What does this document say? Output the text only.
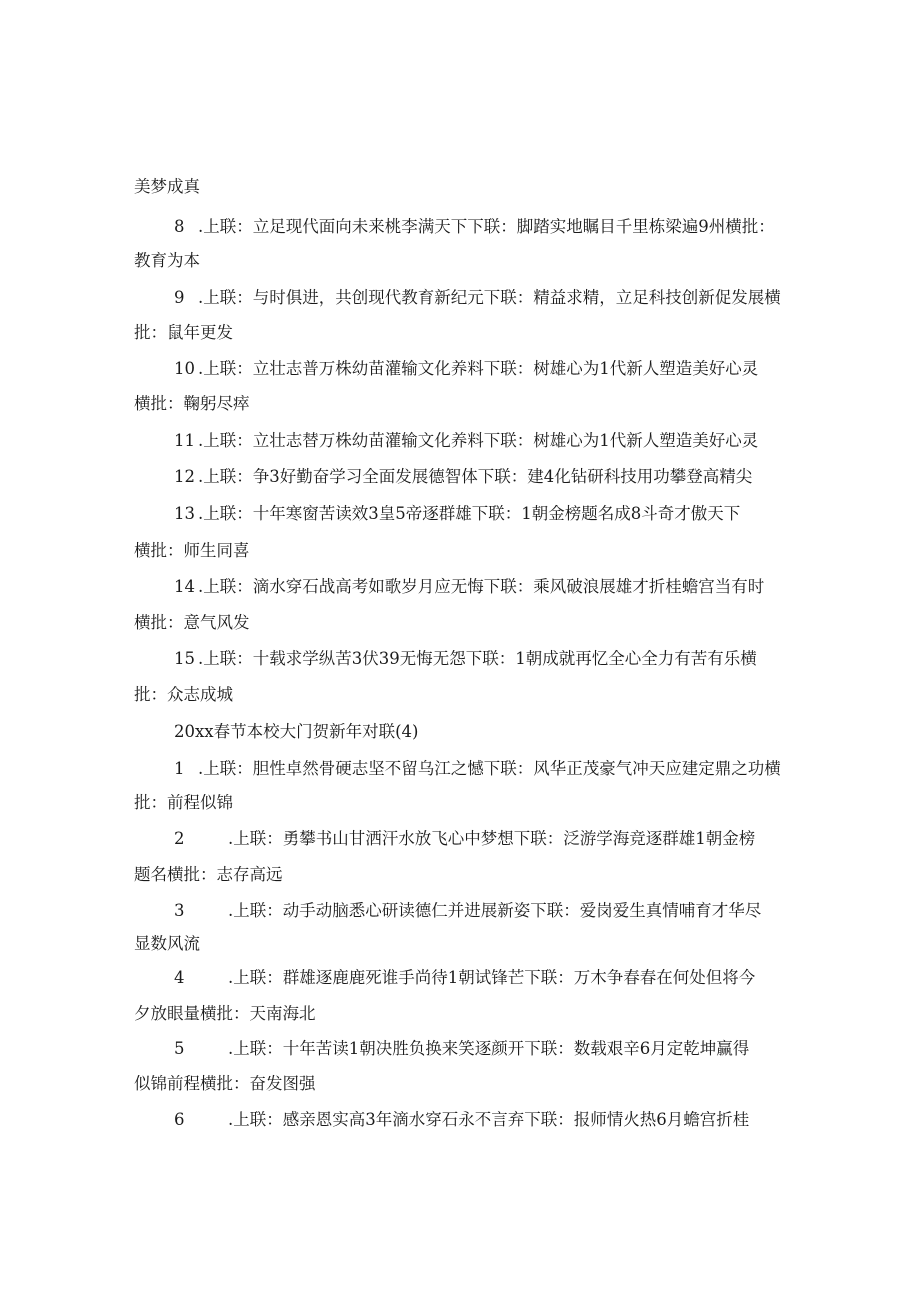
美梦成真
8 .上联：立足现代面向未来桃李满天下下联：脚踏实地瞩目千里栋梁遍9州横批：
教育为本
9 .上联：与时俱进，共创现代教育新纪元下联：精益求精，立足科技创新促发展横
批：鼠年更发
10 .上联：立壮志普万株幼苗灌输文化养料下联：树雄心为1代新人塑造美好心灵
横批：鞠躬尽瘁
11 .上联：立壮志替万株幼苗灌输文化养料下联：树雄心为1代新人塑造美好心灵
12 .上联：争3好勤奋学习全面发展德智体下联：建4化钻研科技用功攀登高精尖
13 .上联：十年寒窗苦读效3皇5帝逐群雄下联：1朝金榜题名成8斗奇才傲天下
横批：师生同喜
14 .上联：滴水穿石战高考如歌岁月应无悔下联：乘风破浪展雄才折桂蟾宫当有时
横批：意气风发
15 .上联：十载求学纵苦3伏39无悔无怨下联：1朝成就再忆全心全力有苦有乐横
批：众志成城
20xx春节本校大门贺新年对联(4)
1 .上联：胆性卓然骨硬志坚不留乌江之憾下联：风华正茂豪气冲天应建定鼎之功横
批：前程似锦
2	.上联：勇攀书山甘洒汗水放飞心中梦想下联：泛游学海竞逐群雄1朝金榜
题名横批：志存高远
3	.上联：动手动脑悉心研读德仁并进展新姿下联：爱岗爱生真情哺育才华尽
显数风流
4	.上联：群雄逐鹿鹿死谁手尚待1朝试锋芒下联：万木争春春在何处但将今
夕放眼量横批：天南海北
5	.上联：十年苦读1朝决胜负换来笑逐颜开下联：数载艰辛6月定乾坤赢得
似锦前程横批：奋发图强
6	.上联：感亲恩实高3年滴水穿石永不言弃下联：报师情火热6月蟾宫折桂
